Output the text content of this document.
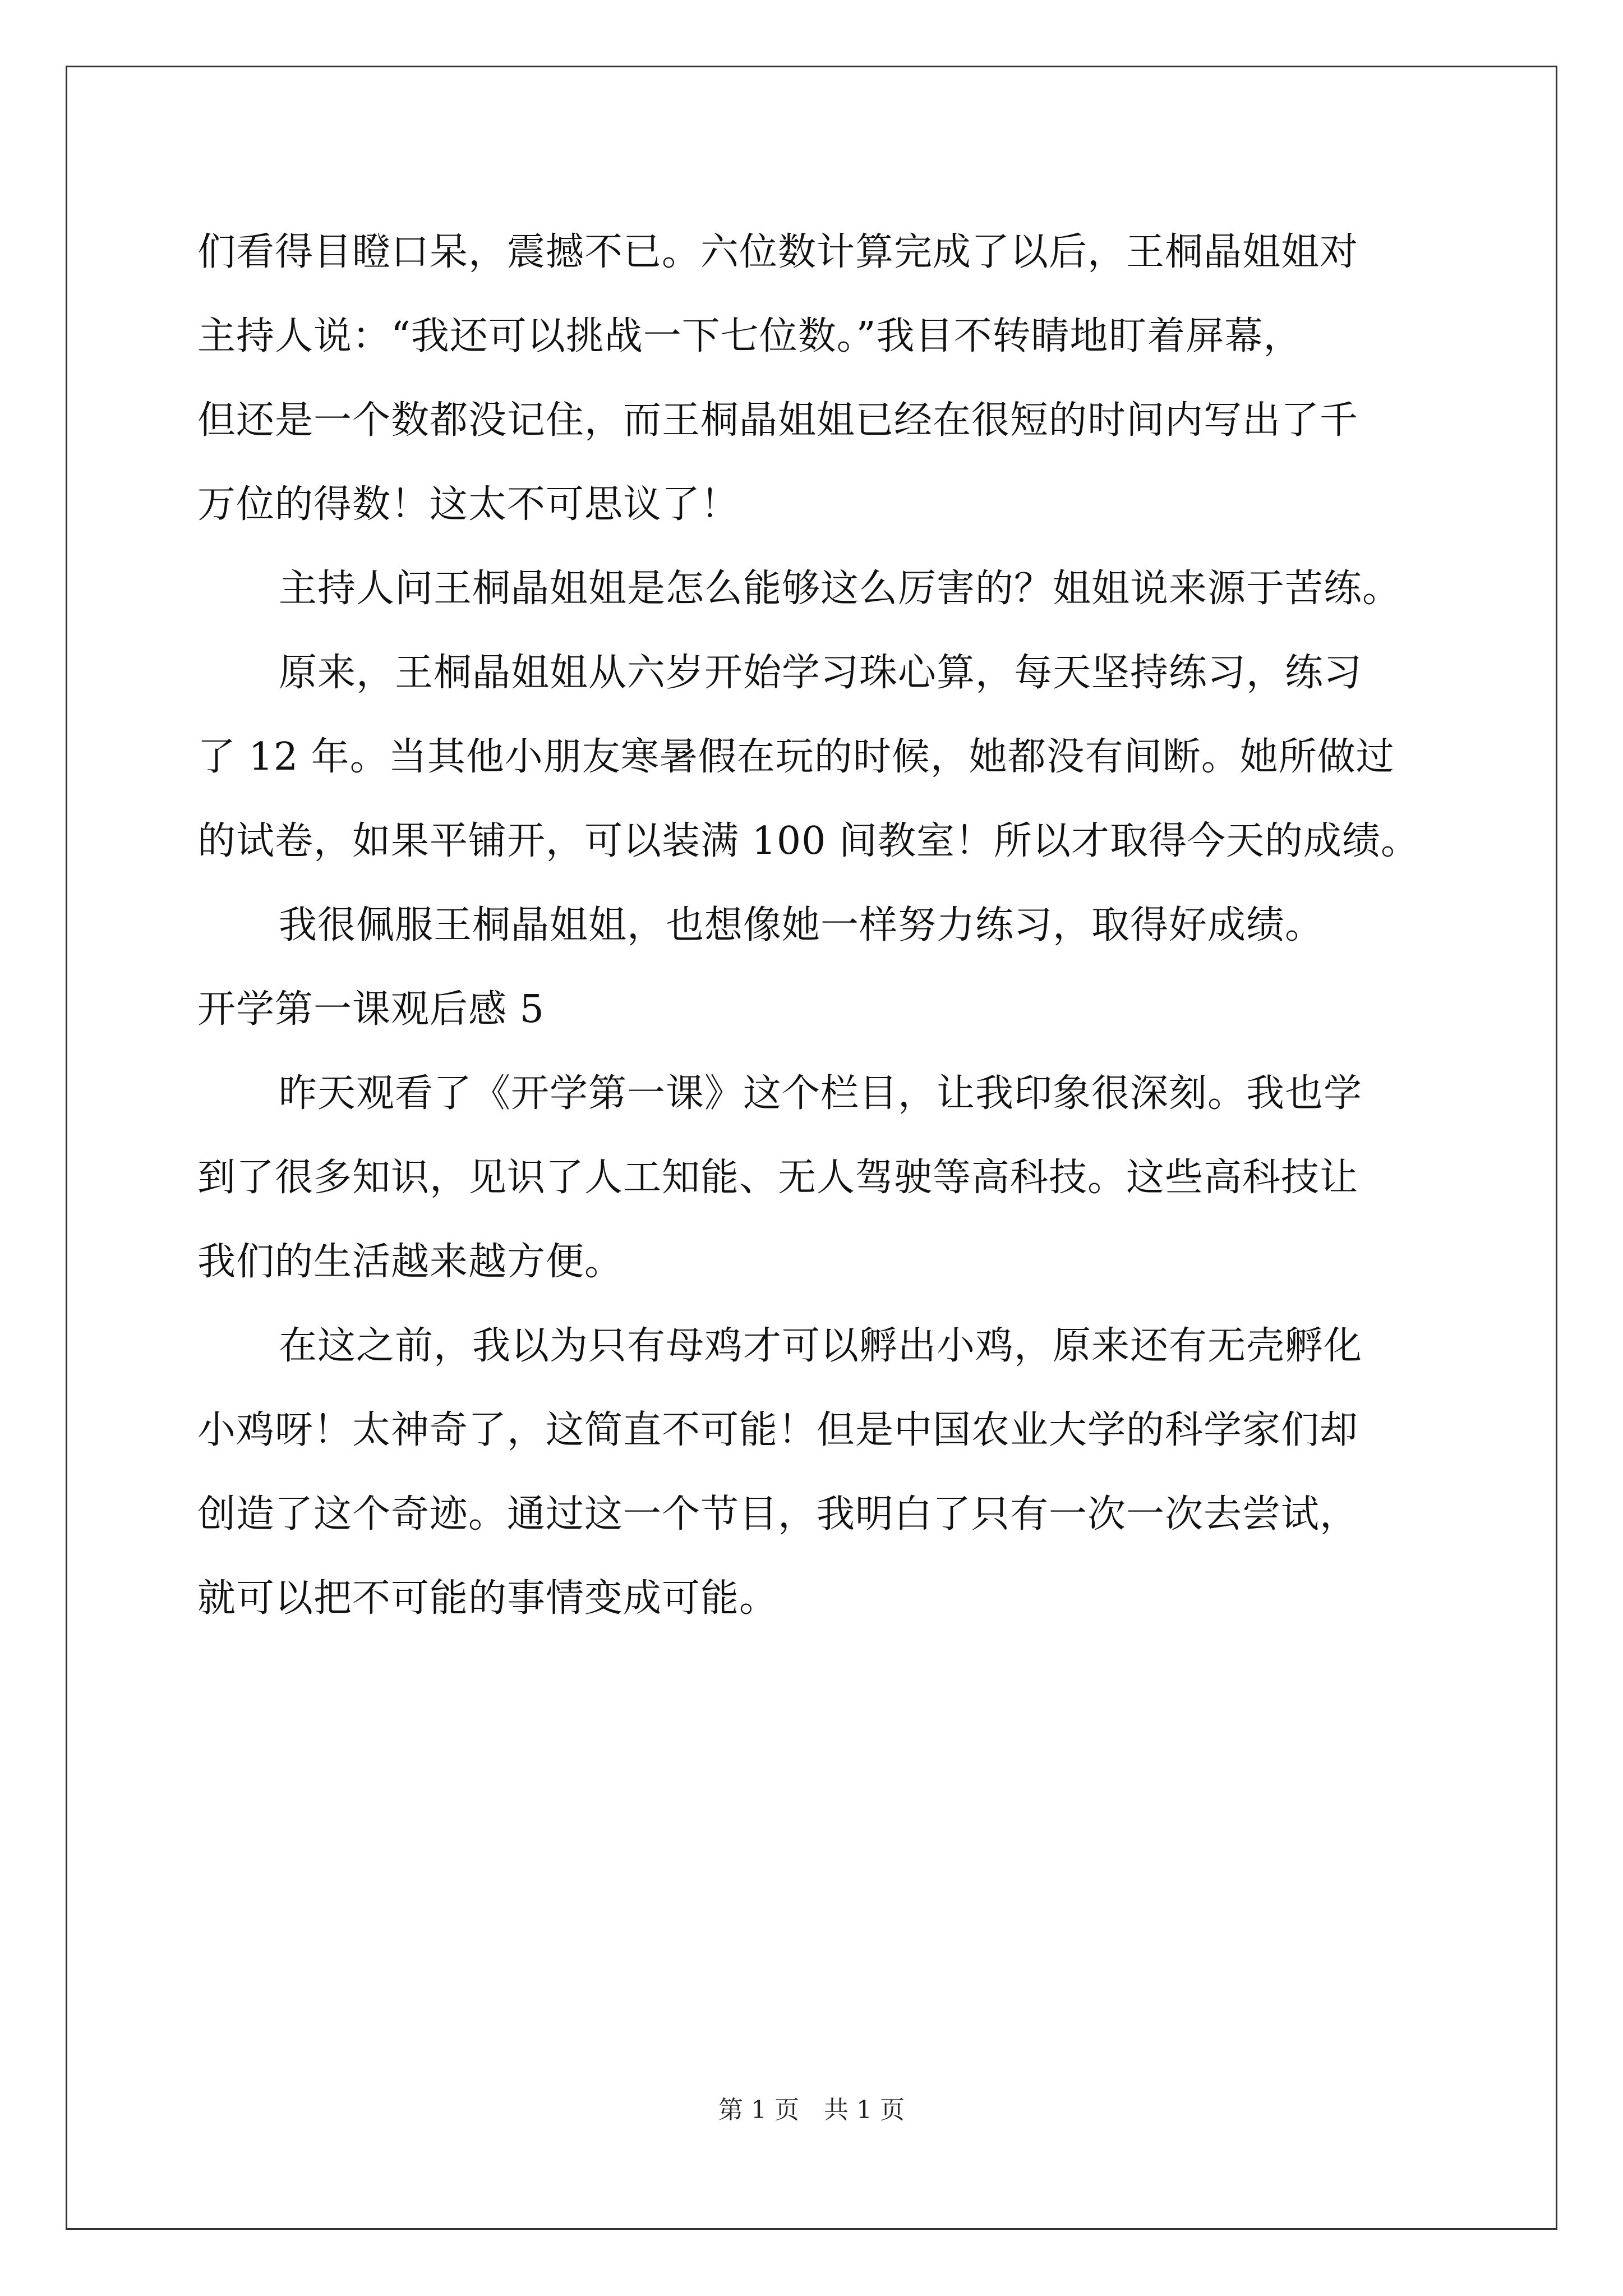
们看得目瞪口呆，震撼不已。六位数计算完成了以后，王桐晶姐姐对
主持人说：“我还可以挑战一下七位数。”我目不转睛地盯着屏幕，
但还是一个数都没记住，而王桐晶姐姐已经在很短的时间内写出了千
万位的得数！这太不可思议了！
主持人问王桐晶姐姐是怎么能够这么厉害的？姐姐说来源于苦练。
原来，王桐晶姐姐从六岁开始学习珠心算，每天坚持练习，练习
了 12 年。当其他小朋友寒暑假在玩的时候，她都没有间断。她所做过
的试卷，如果平铺开，可以装满 100 间教室！所以才取得今天的成绩。
我很佩服王桐晶姐姐，也想像她一样努力练习，取得好成绩。
开学第一课观后感 5
昨天观看了《开学第一课》这个栏目，让我印象很深刻。我也学
到了很多知识，见识了人工知能、无人驾驶等高科技。这些高科技让
我们的生活越来越方便。
在这之前，我以为只有母鸡才可以孵出小鸡，原来还有无壳孵化
小鸡呀！太神奇了，这简直不可能！但是中国农业大学的科学家们却
创造了这个奇迹。通过这一个节目，我明白了只有一次一次去尝试，
就可以把不可能的事情变成可能。
第 1 页　共 1 页
